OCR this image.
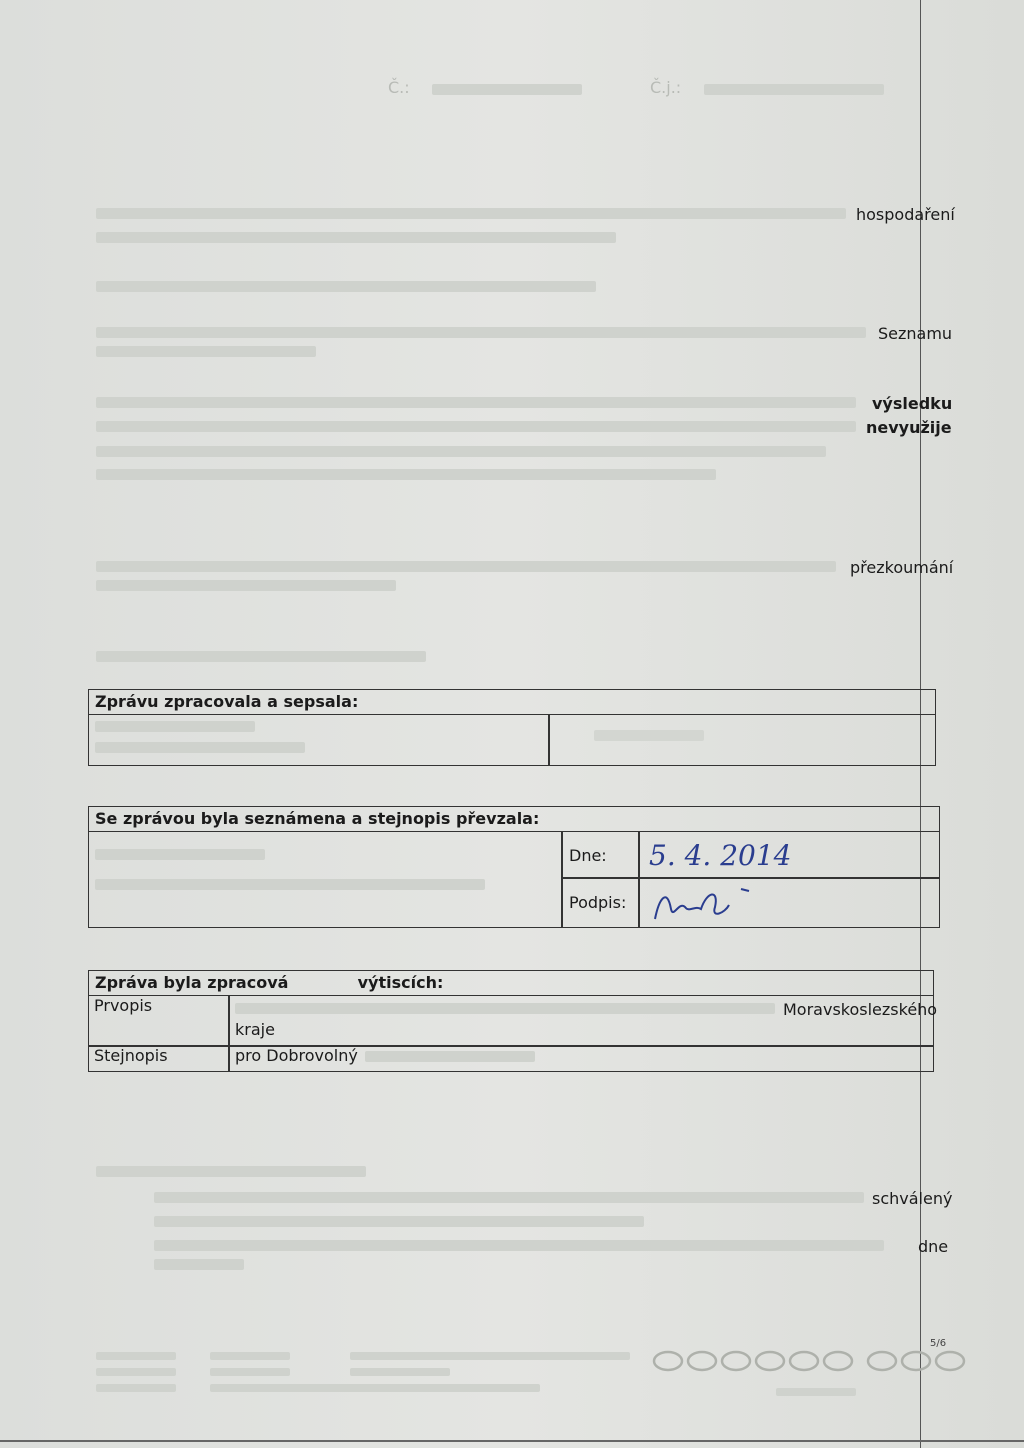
Č.:	Č.j.:
hospodaření
Seznamu
výsledku
nevyužije
přezkoumání
Zprávu zpracovala a sepsala:
Se zprávou byla seznámena a stejnopis převzala:
Dne: 5. 4. 2014
Podpis:
Zpráva byla zpracová	výtiscích:
Prvopis	Moravskoslezského
kraje
Stejnopis	pro Dobrovolný
schválený
dne
5/6
